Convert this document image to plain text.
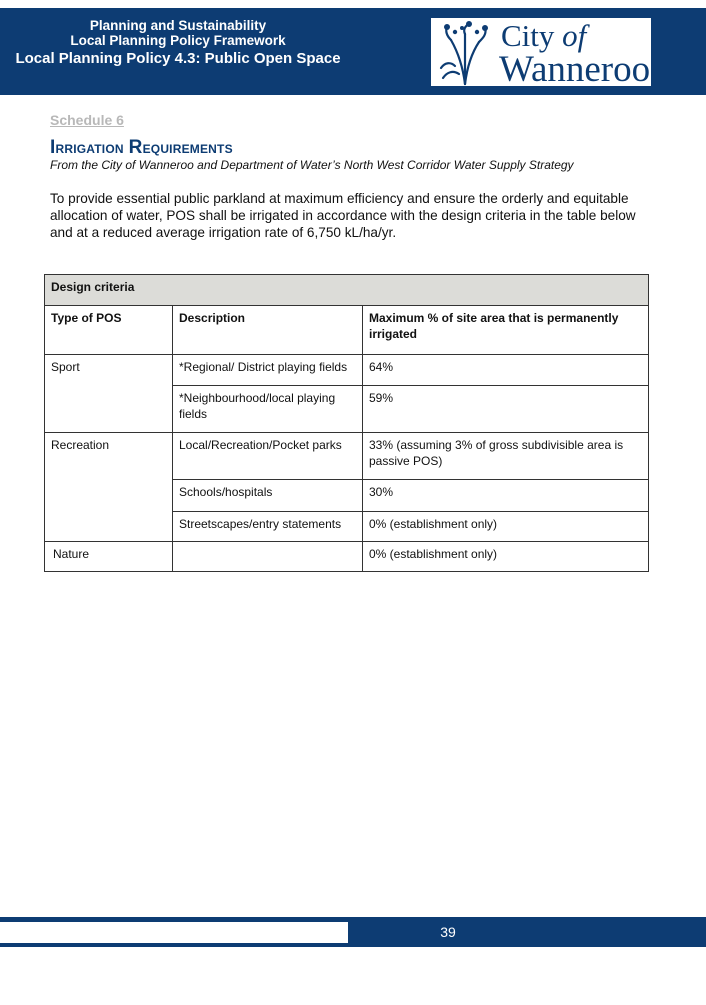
Planning and Sustainability
Local Planning Policy Framework
Local Planning Policy 4.3: Public Open Space
City of
Wanneroo
Schedule 6
Irrigation Requirements
From the City of Wanneroo and Department of Water’s North West Corridor Water Supply Strategy
To provide essential public parkland at maximum efficiency and ensure the orderly and equitable allocation of water, POS shall be irrigated in accordance with the design criteria in the table below and at a reduced average irrigation rate of 6,750 kL/ha/yr.
Design criteria		
Type of POS	Description	Maximum % of site area that is permanently irrigated
Sport	*Regional/ District playing fields	64%
	*Neighbourhood/local playing fields	59%
Recreation	Local/Recreation/Pocket parks	33% (assuming 3% of gross subdivisible area is passive POS)
	Schools/hospitals	30%
	Streetscapes/entry statements	0% (establishment only)
Nature		0% (establishment only)
39
